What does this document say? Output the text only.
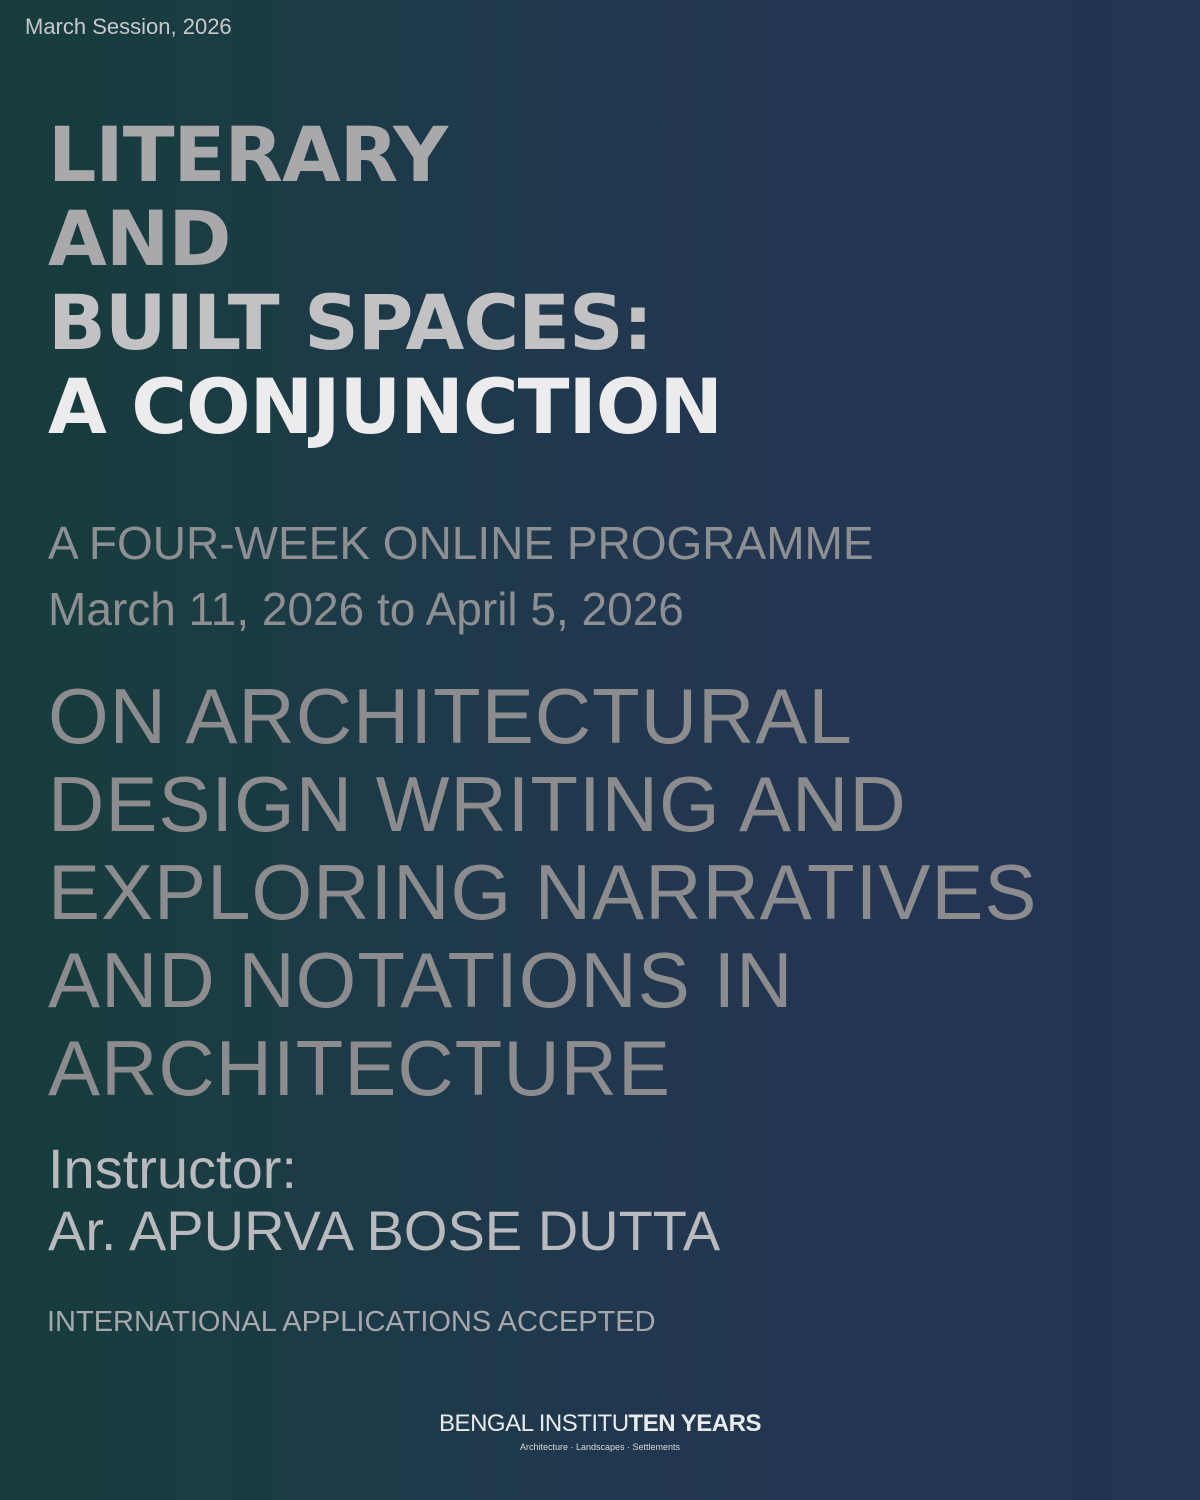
March Session, 2026
LITERARY
AND
BUILT SPACES:
A CONJUNCTION
A FOUR-WEEK ONLINE PROGRAMME
March 11, 2026 to April 5, 2026
ON ARCHITECTURAL
DESIGN WRITING AND
EXPLORING NARRATIVES
AND NOTATIONS IN
ARCHITECTURE
Instructor:
Ar. APURVA BOSE DUTTA
INTERNATIONAL APPLICATIONS ACCEPTED
BENGAL INSTITUTEN YEARS
Architecture · Landscapes · Settlements
